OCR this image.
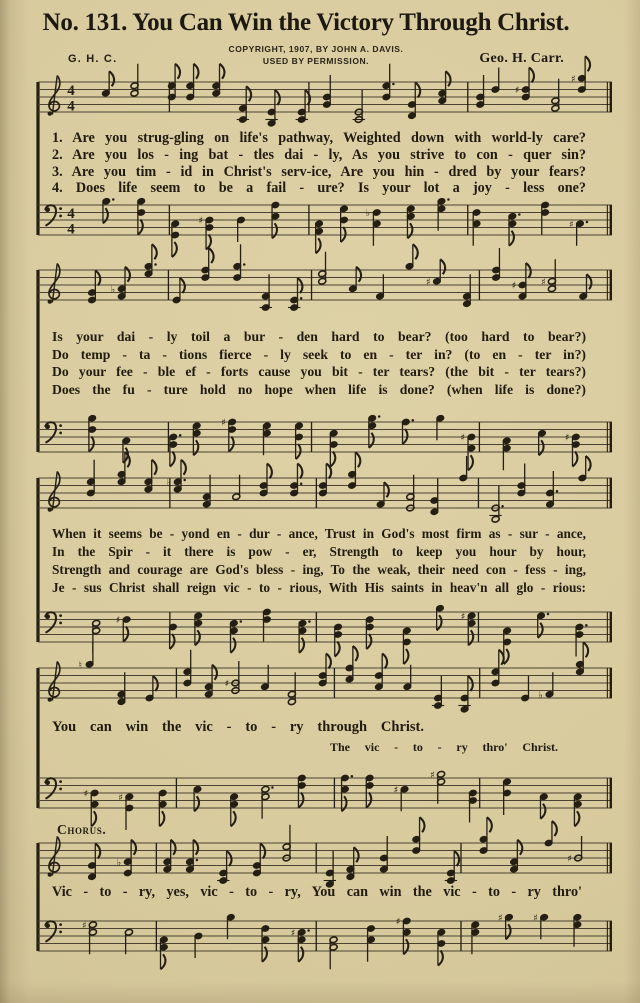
4
4
♯
♯
4
4
♯
♭
♯
♭
♯	♯	♯
♯
♯	♯
♭
♯	♯
♮
♯
♭
♯	♯
♯
♯
♭	♯
♯
♯
♯	♯	♯
No. 131. You Can Win the Victory Through Christ.
COPYRIGHT, 1907, BY JOHN A. DAVIS.
USED BY PERMISSION.
G. H. C.	Geo. H. Carr.
1. Are you strug-gling on life's pathway, Weighted down with world-ly care?
2. Are you los - ing bat - tles dai - ly, As you strive to con - quer sin?
3. Are you tim - id in Christ's serv-ice, Are you hin - dred by your fears?
4. Does life seem to be a fail - ure? Is your lot a joy - less one?
Is your dai - ly toil a bur - den hard to bear? (too hard to bear?)
Do temp - ta - tions fierce - ly seek to en - ter in? (to en - ter in?)
Do your fee - ble ef - forts cause you bit - ter tears? (the bit - ter tears?)
Does the fu - ture hold no hope when life is done? (when life is done?)
When it seems be - yond en - dur - ance, Trust in God's most firm as - sur - ance,
In the Spir - it there is pow - er, Strength to keep you hour by hour,
Strength and courage are God's bless - ing, To the weak, their need con - fess - ing,
Je - sus Christ shall reign vic - to - rious, With His saints in heav'n all glo - rious:
You can win the vic - to - ry through Christ.
The vic - to - ry thro' Christ.
Chorus.
Vic - to - ry, yes, vic - to - ry, You can win the vic - to - ry thro'
